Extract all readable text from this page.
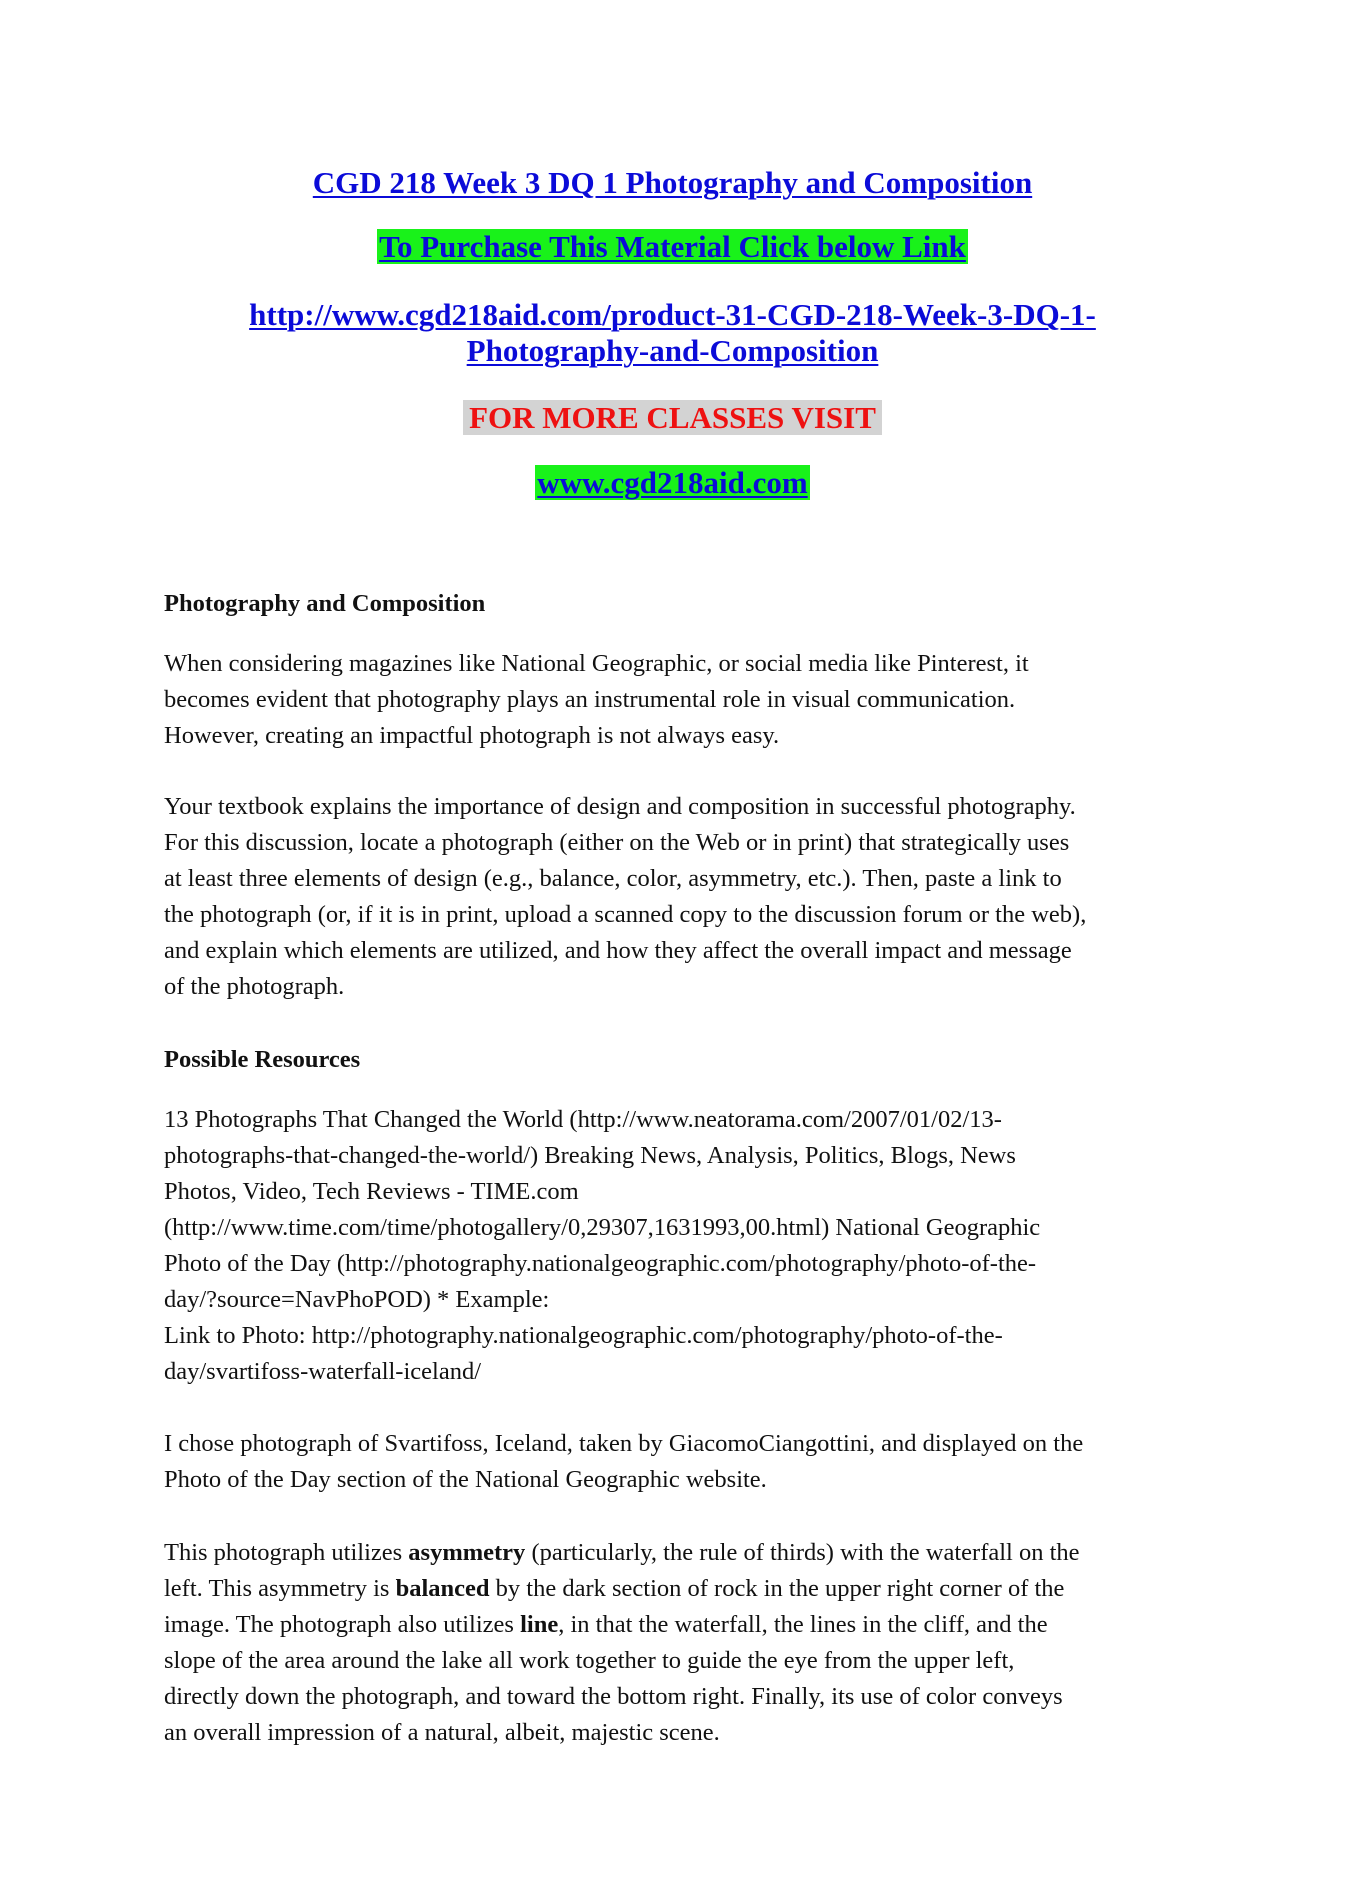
CGD 218 Week 3 DQ 1 Photography and Composition
To Purchase This Material Click below Link
http://www.cgd218aid.com/product-31-CGD-218-Week-3-DQ-1-
Photography-and-Composition
FOR MORE CLASSES VISIT
www.cgd218aid.com
Photography and Composition
When considering magazines like National Geographic, or social media like Pinterest, it
becomes evident that photography plays an instrumental role in visual communication.
However, creating an impactful photograph is not always easy.
Your textbook explains the importance of design and composition in successful photography.
For this discussion, locate a photograph (either on the Web or in print) that strategically uses
at least three elements of design (e.g., balance, color, asymmetry, etc.). Then, paste a link to
the photograph (or, if it is in print, upload a scanned copy to the discussion forum or the web),
and explain which elements are utilized, and how they affect the overall impact and message
of the photograph.
Possible Resources
13 Photographs That Changed the World (http://www.neatorama.com/2007/01/02/13-
photographs-that-changed-the-world/) Breaking News, Analysis, Politics, Blogs, News
Photos, Video, Tech Reviews - TIME.com
(http://www.time.com/time/photogallery/0,29307,1631993,00.html) National Geographic
Photo of the Day (http://photography.nationalgeographic.com/photography/photo-of-the-
day/?source=NavPhoPOD) * Example:
Link to Photo: http://photography.nationalgeographic.com/photography/photo-of-the-
day/svartifoss-waterfall-iceland/
I chose photograph of Svartifoss, Iceland, taken by GiacomoCiangottini, and displayed on the
Photo of the Day section of the National Geographic website.
This photograph utilizes asymmetry (particularly, the rule of thirds) with the waterfall on the
left. This asymmetry is balanced by the dark section of rock in the upper right corner of the
image. The photograph also utilizes line, in that the waterfall, the lines in the cliff, and the
slope of the area around the lake all work together to guide the eye from the upper left,
directly down the photograph, and toward the bottom right. Finally, its use of color conveys
an overall impression of a natural, albeit, majestic scene.
